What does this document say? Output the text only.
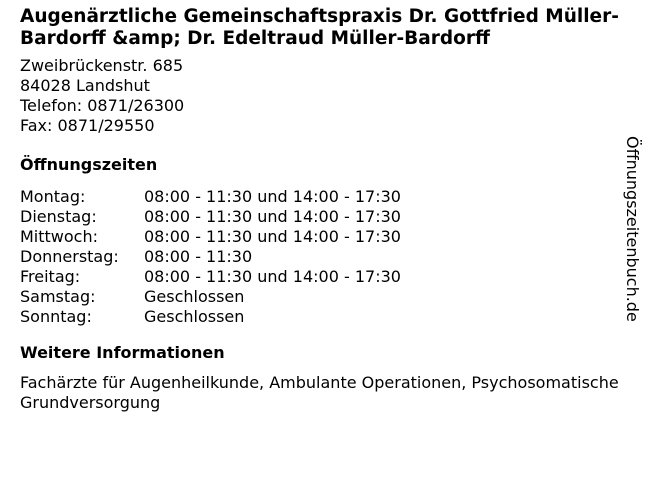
Augenärztliche Gemeinschaftspraxis Dr. Gottfried Müller-Bardorff &amp; Dr. Edeltraud Müller-Bardorff
Zweibrückenstr. 685
84028 Landshut
Telefon: 0871/26300
Fax: 0871/29550
Öffnungszeiten
Montag:	08:00 - 11:30 und 14:00 - 17:30
Dienstag:	08:00 - 11:30 und 14:00 - 17:30
Mittwoch:	08:00 - 11:30 und 14:00 - 17:30
Donnerstag:	08:00 - 11:30
Freitag:	08:00 - 11:30 und 14:00 - 17:30
Samstag:	Geschlossen
Sonntag:	Geschlossen
Weitere Informationen
Fachärzte für Augenheilkunde, Ambulante Operationen, Psychosomatische Grundversorgung
Öffnungszeitenbuch.de
